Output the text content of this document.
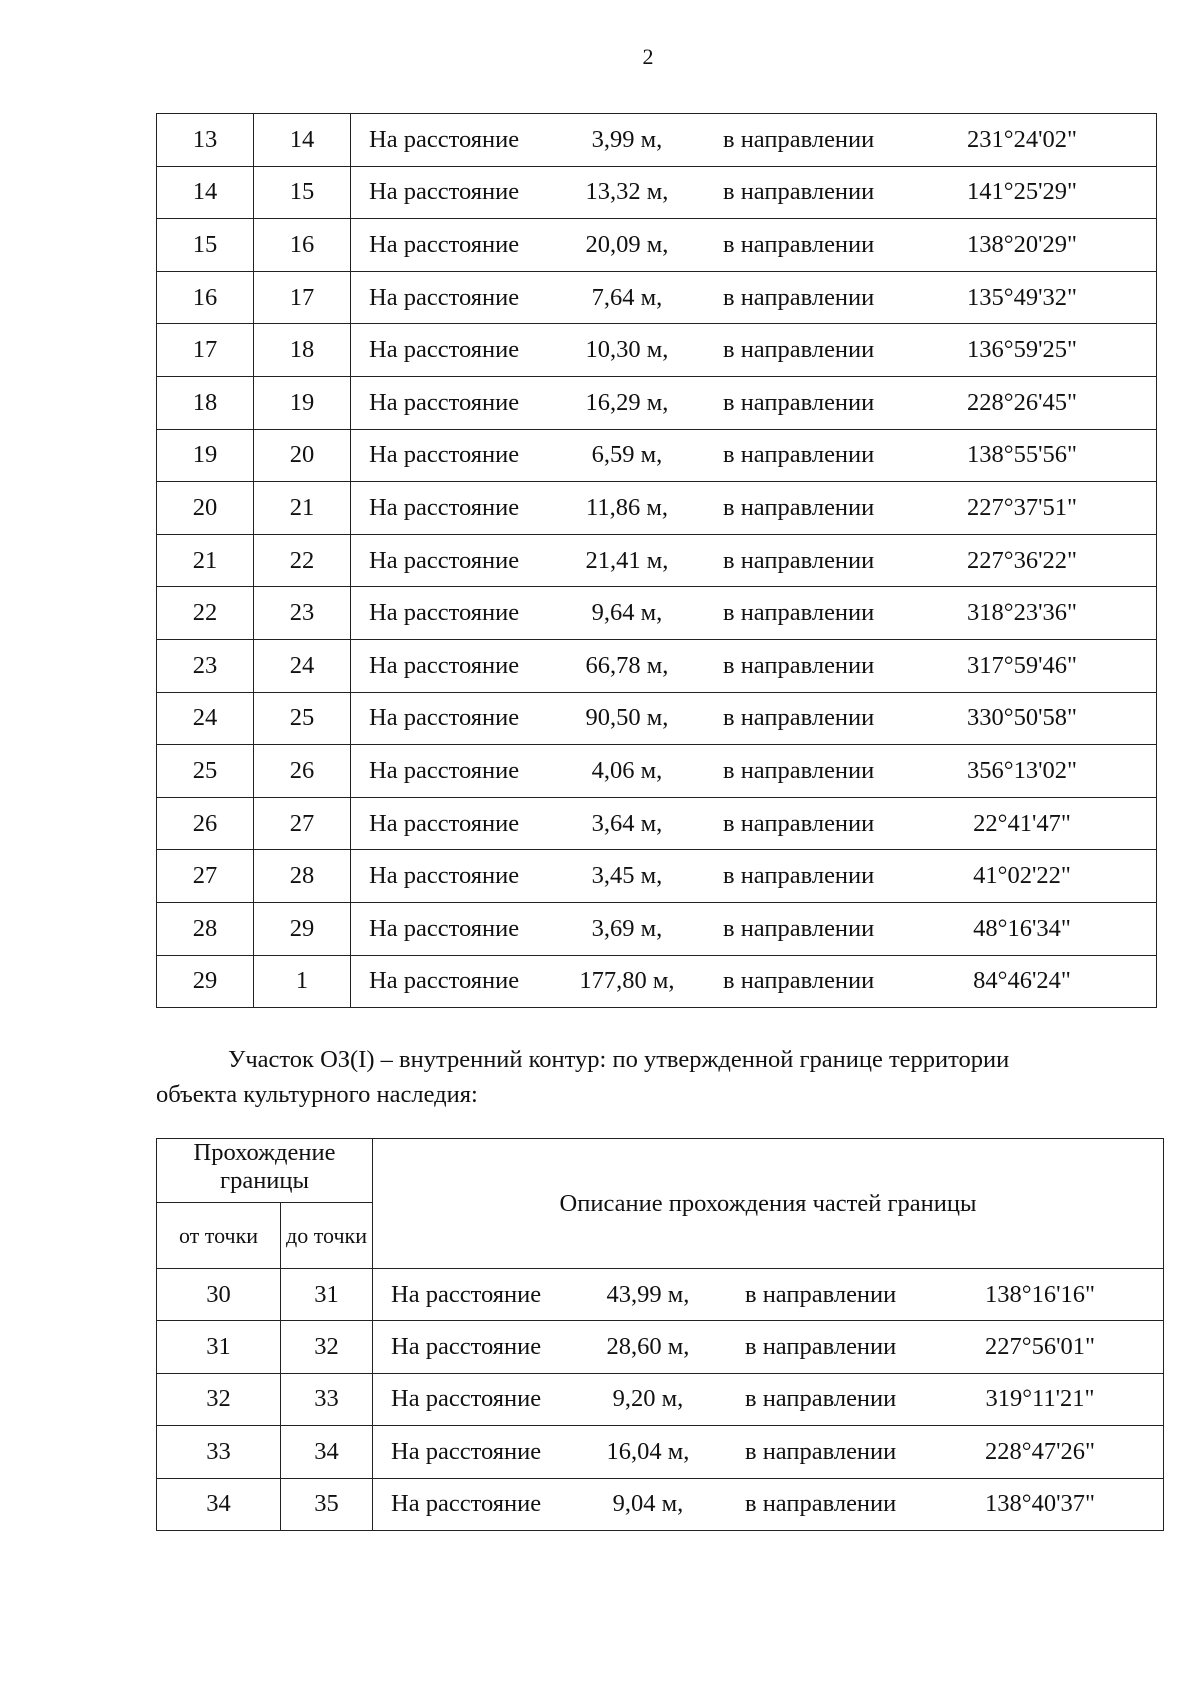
2
13	14	На расстояние 3,99 м, в направлении 231°24'02"

14	15	На расстояние 13,32 м, в направлении 141°25'29"

15	16	На расстояние 20,09 м, в направлении 138°20'29"

16	17	На расстояние 7,64 м, в направлении 135°49'32"

17	18	На расстояние 10,30 м, в направлении 136°59'25"

18	19	На расстояние 16,29 м, в направлении 228°26'45"

19	20	На расстояние 6,59 м, в направлении 138°55'56"

20	21	На расстояние 11,86 м, в направлении 227°37'51"

21	22	На расстояние 21,41 м, в направлении 227°36'22"

22	23	На расстояние 9,64 м, в направлении 318°23'36"

23	24	На расстояние 66,78 м, в направлении 317°59'46"

24	25	На расстояние 90,50 м, в направлении 330°50'58"

25	26	На расстояние 4,06 м, в направлении 356°13'02"

26	27	На расстояние 3,64 м, в направлении 22°41'47"

27	28	На расстояние 3,45 м, в направлении 41°02'22"

28	29	На расстояние 3,69 м, в направлении 48°16'34"

29	1	На расстояние 177,80 м, в направлении 84°46'24"

Участок ОЗ(I) – внутренний контур: по утвержденной границе территории

объекта культурного наследия:

Прохождение границы		Описание прохождения частей границы
от точки	до точки	
30	31	На расстояние 43,99 м, в направлении 138°16'16"

31	32	На расстояние 28,60 м, в направлении 227°56'01"

32	33	На расстояние 9,20 м, в направлении 319°11'21"

33	34	На расстояние 16,04 м, в направлении 228°47'26"

34	35	На расстояние 9,04 м, в направлении 138°40'37"
